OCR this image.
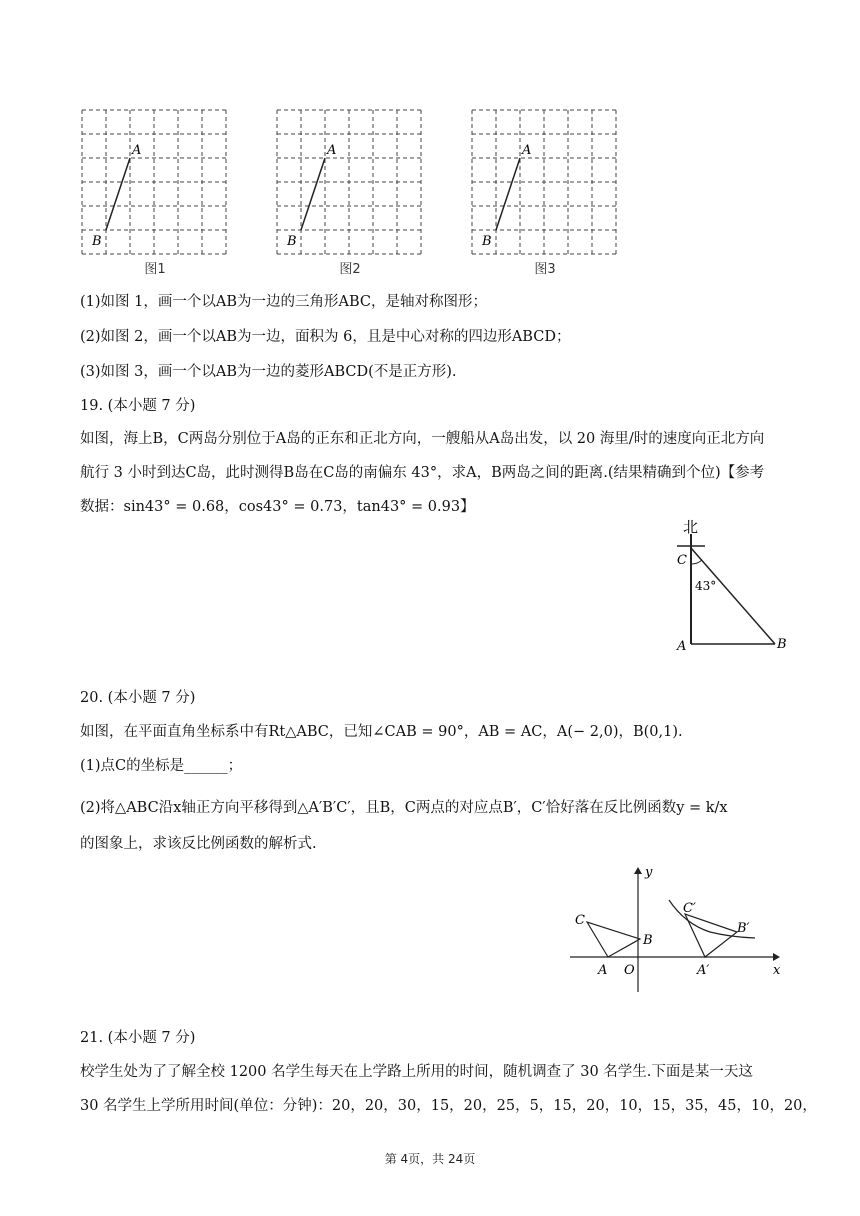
A
B
图1
A
B
图2
A
B
图3
(1)如图 1，画一个以AB为一边的三角形ABC，是轴对称图形；
(2)如图 2，画一个以AB为一边，面积为 6，且是中心对称的四边形ABCD；
(3)如图 3，画一个以AB为一边的菱形ABCD(不是正方形).
19. (本小题 7 分)
如图，海上B，C两岛分别位于A岛的正东和正北方向，一艘船从A岛出发，以 20 海里/时的速度向正北方向
航行 3 小时到达C岛，此时测得B岛在C岛的南偏东 43°，求A，B两岛之间的距离.(结果精确到个位)【参考
数据：sin43° = 0.68，cos43° = 0.73，tan43° = 0.93】
北
C
43°
A	B
20. (本小题 7 分)
如图，在平面直角坐标系中有Rt△ABC，已知∠CAB = 90°，AB = AC，A(− 2,0)，B(0,1).
(1)点C的坐标是______；
(2)将△ABC沿x轴正方向平移得到△A′B′C′，且B，C两点的对应点B′，C′恰好落在反比例函数y = k/x
的图象上，求该反比例函数的解析式.
y
x
C
B
A O
C′
B′
A′
21. (本小题 7 分)
校学生处为了了解全校 1200 名学生每天在上学路上所用的时间，随机调查了 30 名学生.下面是某一天这
30 名学生上学所用时间(单位：分钟)：20，20，30，15，20，25，5，15，20，10，15，35，45，10，20，
第 4页，共 24页
